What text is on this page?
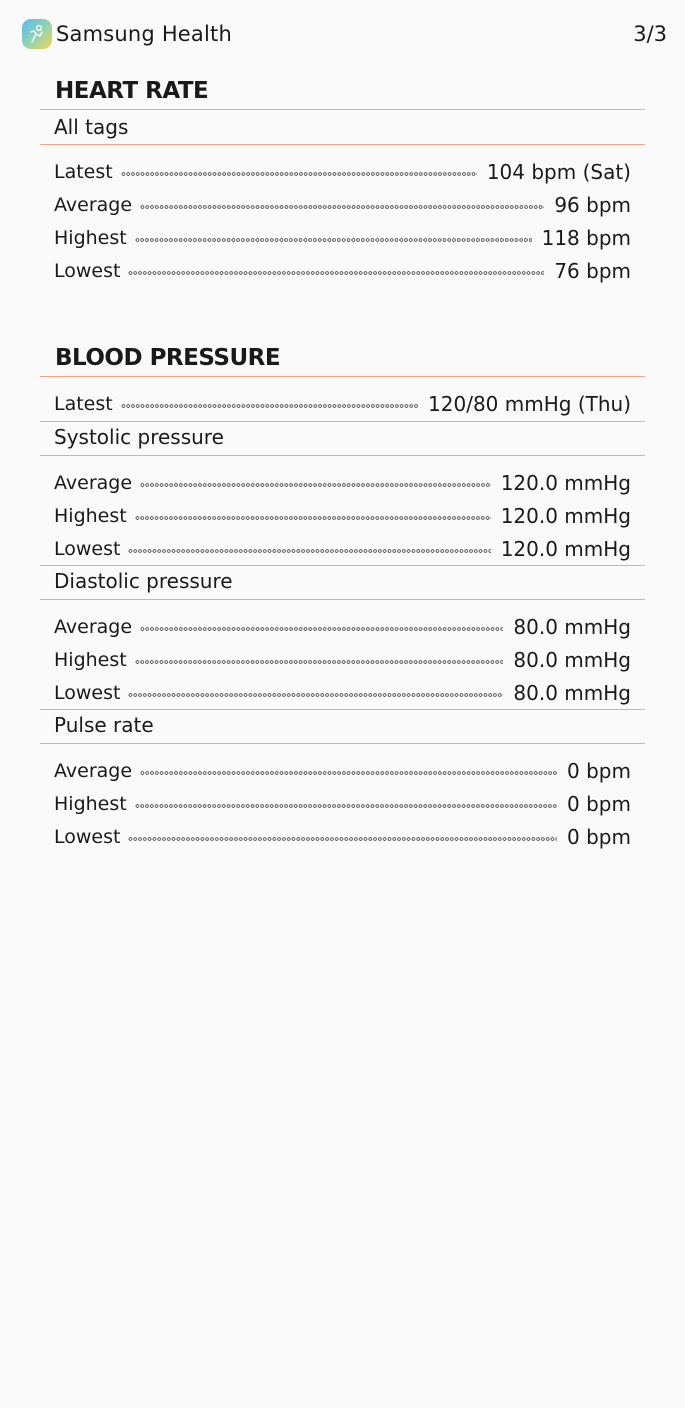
Samsung Health	3/3
HEART RATE
All tags
Latest	104 bpm (Sat)
Average	96 bpm
Highest	118 bpm
Lowest	76 bpm
BLOOD PRESSURE
Latest	120/80 mmHg (Thu)
Systolic pressure
Average	120.0 mmHg
Highest	120.0 mmHg
Lowest	120.0 mmHg
Diastolic pressure
Average	80.0 mmHg
Highest	80.0 mmHg
Lowest	80.0 mmHg
Pulse rate
Average	0 bpm
Highest	0 bpm
Lowest	0 bpm
